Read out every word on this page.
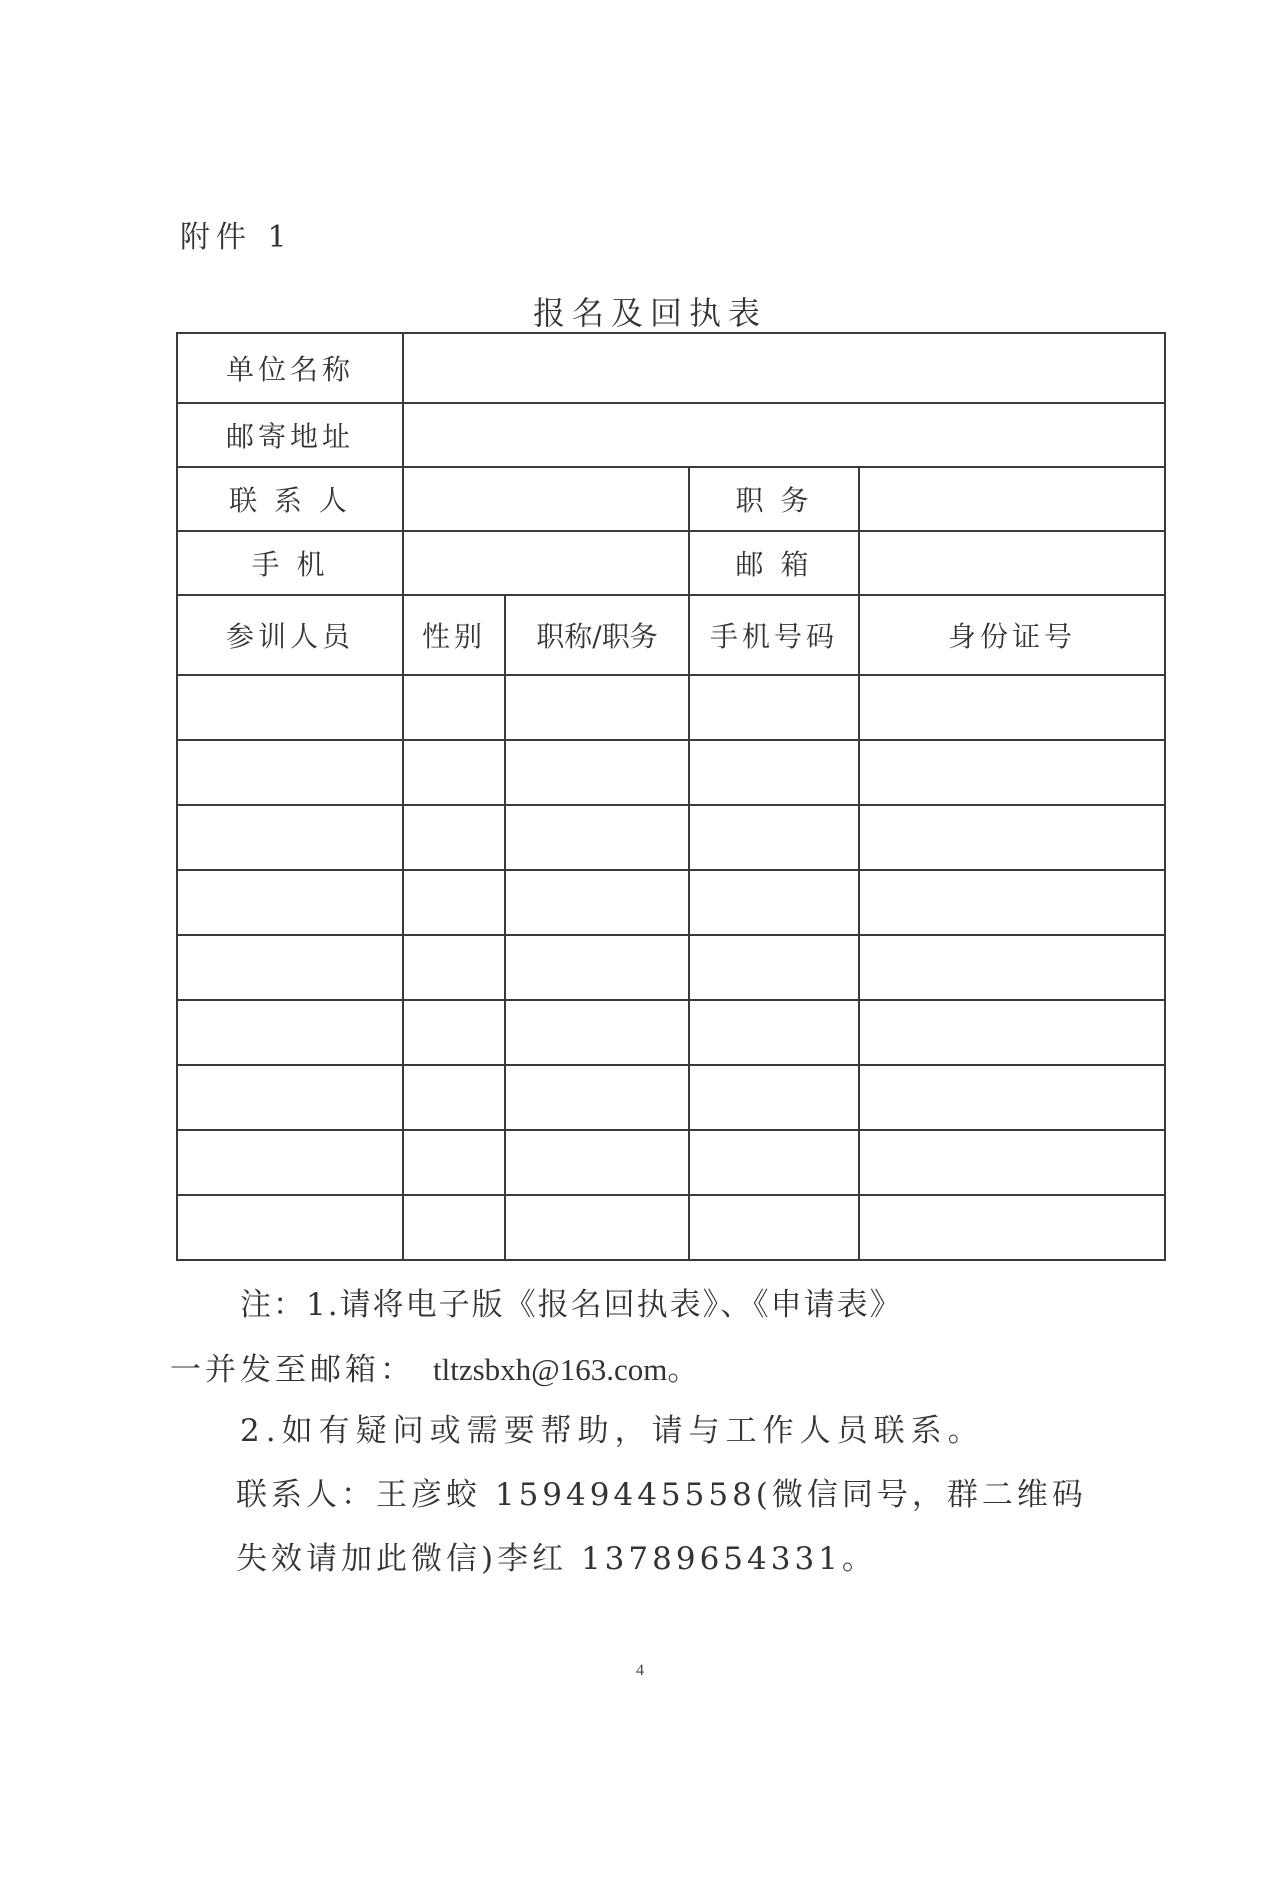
附件 1
报名及回执表
单位名称				
邮寄地址				
联 系 人			职 务	
手 机			邮 箱	
参训人员	性别	职称/职务	手机号码	身份证号

注：1.请将电子版《报名回执表》、《申请表》
一并发至邮箱： tltzsbxh@163.com。
2.如有疑问或需要帮助，请与工作人员联系。
联系人：王彦蛟 15949445558(微信同号，群二维码
失效请加此微信)李红 13789654331。
4
